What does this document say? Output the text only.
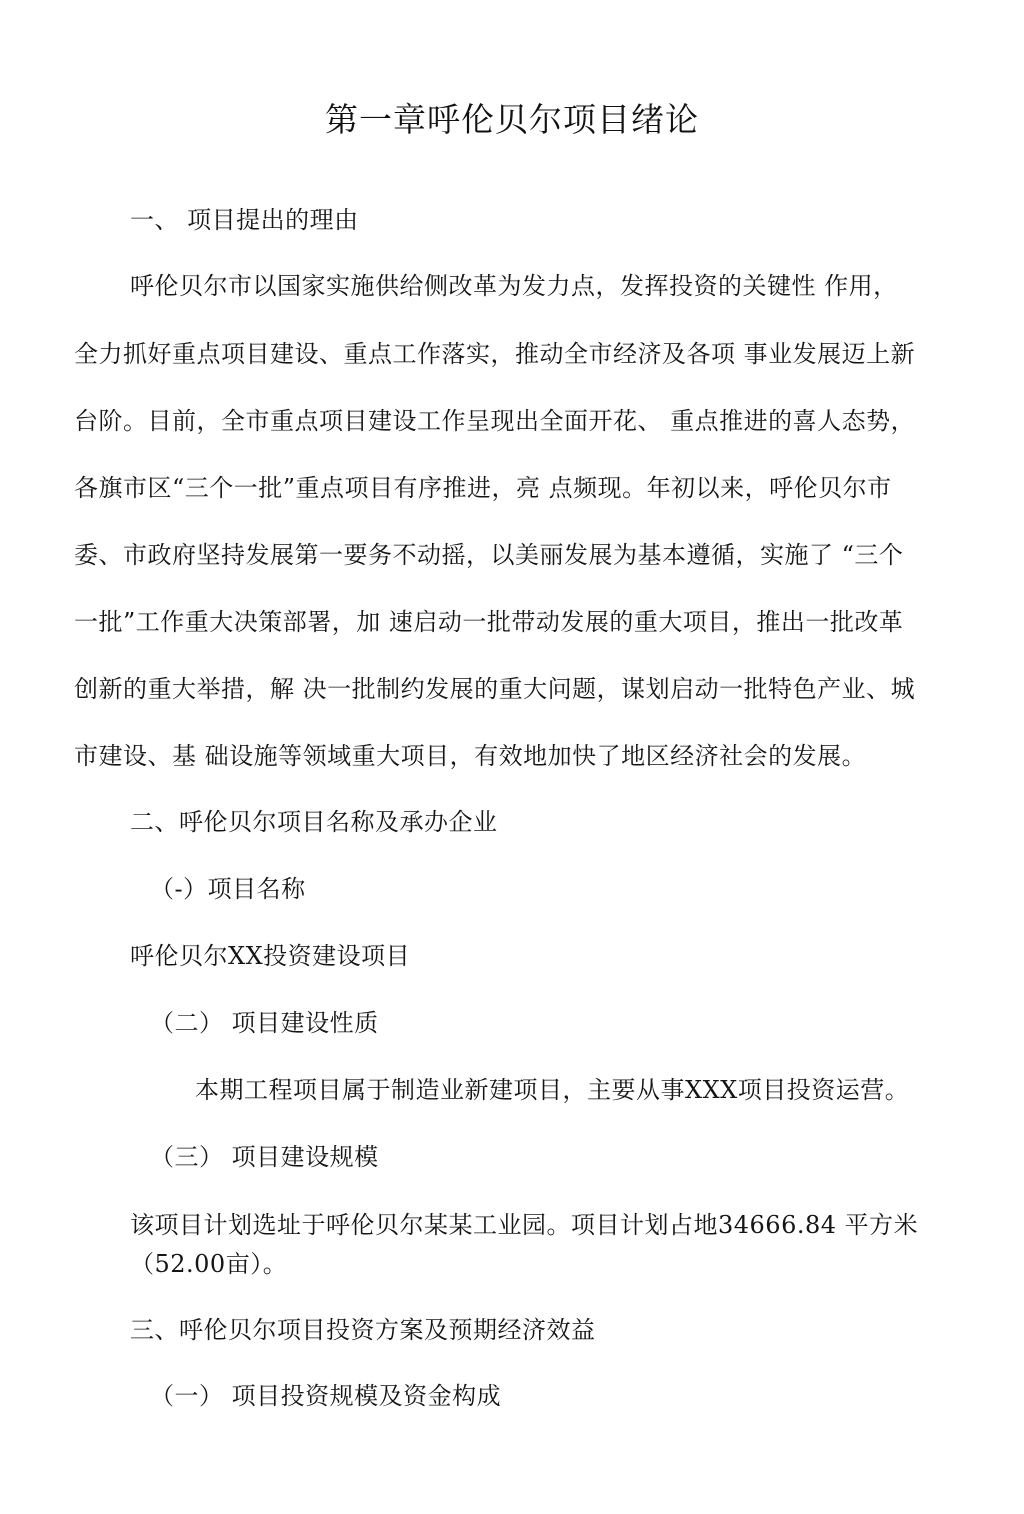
第一章呼伦贝尔项目绪论

一、 项目提出的理由

呼伦贝尔市以国家实施供给侧改革为发力点，发挥投资的关键性 作用，

全力抓好重点项目建设、重点工作落实，推动全市经济及各项 事业发展迈上新

台阶。目前，全市重点项目建设工作呈现出全面开花、 重点推进的喜人态势，

各旗市区“三个一批”重点项目有序推进，亮 点频现。年初以来，呼伦贝尔市

委、市政府坚持发展第一要务不动摇，以美丽发展为基本遵循，实施了 “三个

一批”工作重大决策部署，加 速启动一批带动发展的重大项目，推出一批改革

创新的重大举措，解 决一批制约发展的重大问题，谋划启动一批特色产业、城

市建设、基 础设施等领域重大项目，有效地加快了地区经济社会的发展。

二、呼伦贝尔项目名称及承办企业

（-）项目名称

呼伦贝尔XX投资建设项目

（二） 项目建设性质

本期工程项目属于制造业新建项目，主要从事XXX项目投资运营。

（三） 项目建设规模

该项目计划选址于呼伦贝尔某某工业园。项目计划占地34666.84 平方米

（52.00亩）。

三、呼伦贝尔项目投资方案及预期经济效益

（一） 项目投资规模及资金构成
